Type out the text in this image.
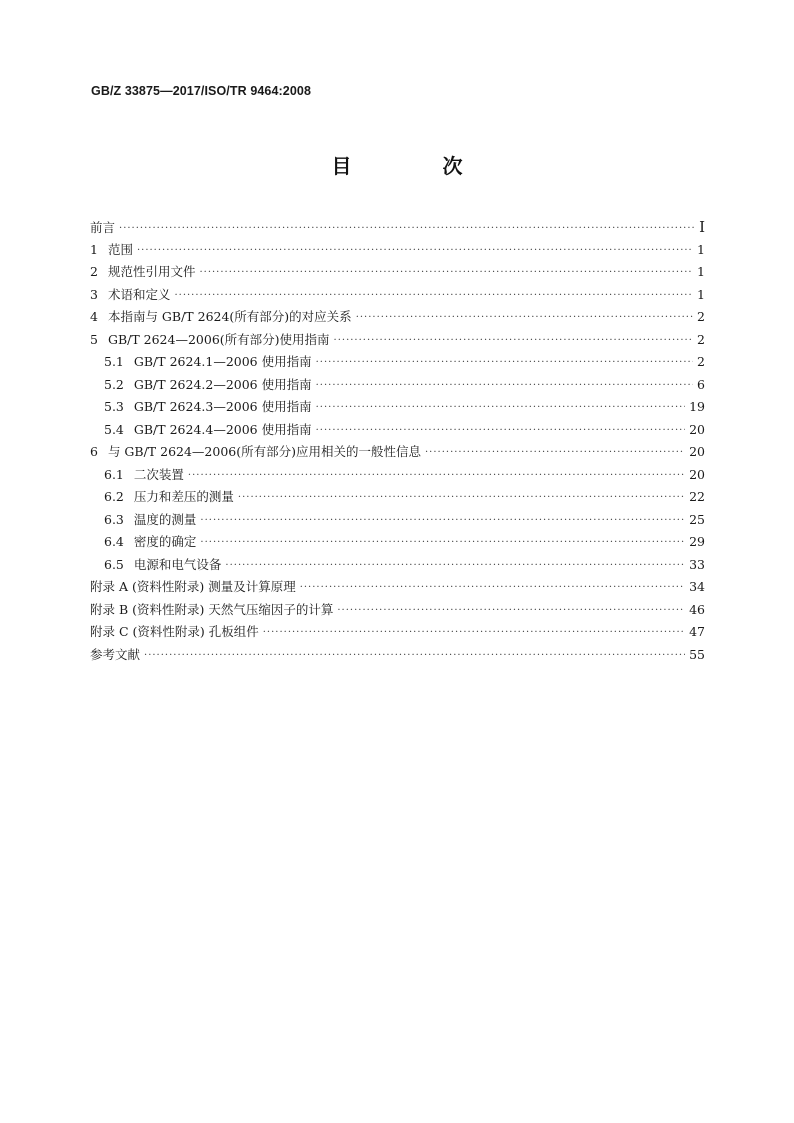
GB/Z 33875—2017/ISO/TR 9464:2008
目 次
前言 ·····	I
1 范围 ·····	1
2 规范性引用文件 ·····	1
3 术语和定义 ·····	1
4 本指南与 GB/T 2624(所有部分)的对应关系 ·····	2
5 GB/T 2624—2006(所有部分)使用指南 ·····	2
5.1 GB/T 2624.1—2006 使用指南 ·····	2
5.2 GB/T 2624.2—2006 使用指南 ·····	6
5.3 GB/T 2624.3—2006 使用指南 ·····	19
5.4 GB/T 2624.4—2006 使用指南 ·····	20
6 与 GB/T 2624—2006(所有部分)应用相关的一般性信息 ·····	20
6.1 二次装置 ·····	20
6.2 压力和差压的测量 ·····	22
6.3 温度的测量 ·····	25
6.4 密度的确定 ·····	29
6.5 电源和电气设备 ·····	33
附录 A (资料性附录) 测量及计算原理 ·····	34
附录 B (资料性附录) 天然气压缩因子的计算 ·····	46
附录 C (资料性附录) 孔板组件 ·····	47
参考文献 ·····	55
